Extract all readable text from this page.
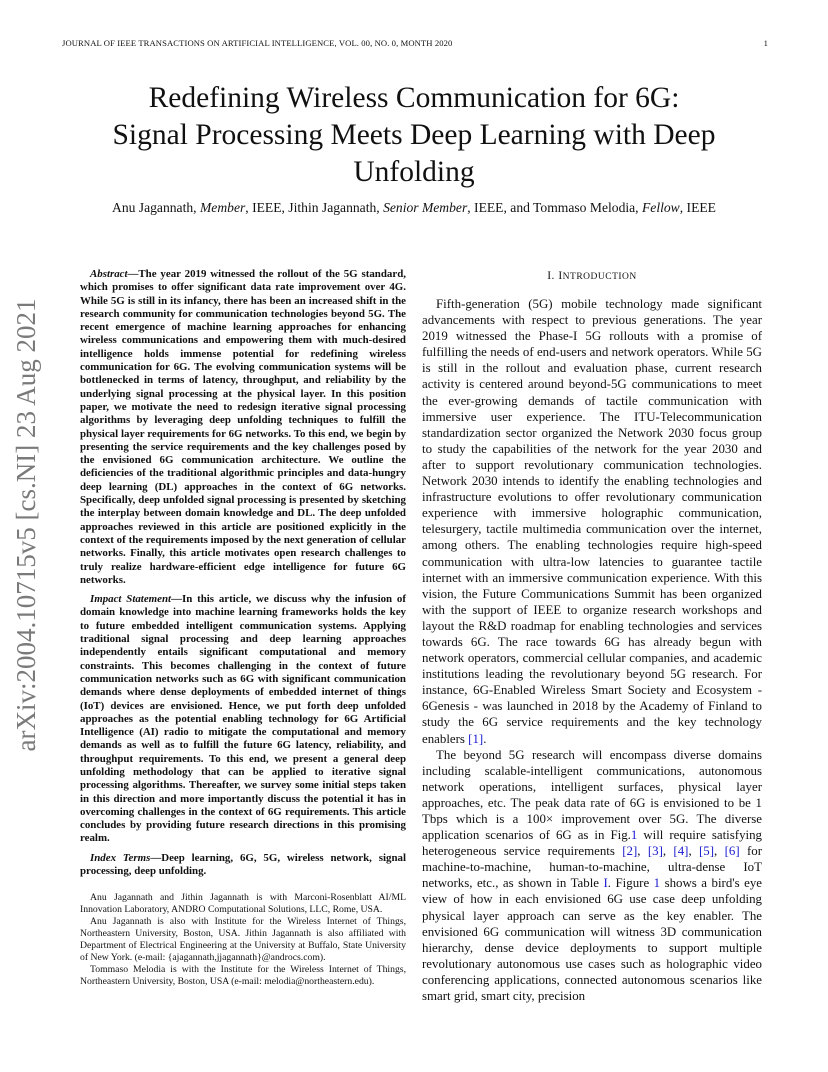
JOURNAL OF IEEE TRANSACTIONS ON ARTIFICIAL INTELLIGENCE, VOL. 00, NO. 0, MONTH 2020	1
Redefining Wireless Communication for 6G:
Signal Processing Meets Deep Learning with Deep
Unfolding
Anu Jagannath, Member, IEEE, Jithin Jagannath, Senior Member, IEEE, and Tommaso Melodia, Fellow, IEEE
arXiv:2004.10715v5 [cs.NI] 23 Aug 2021

Abstract—The year 2019 witnessed the rollout of the 5G standard, which promises to offer significant data rate improvement over 4G. While 5G is still in its infancy, there has been an increased shift in the research community for communication technologies beyond 5G. The recent emergence of machine learning approaches for enhancing wireless communications and empowering them with much-desired intelligence holds immense potential for redefining wireless communication for 6G. The evolving communication systems will be bottlenecked in terms of latency, throughput, and reliability by the underlying signal processing at the physical layer. In this position paper, we motivate the need to redesign iterative signal processing algorithms by leveraging deep unfolding techniques to fulfill the physical layer requirements for 6G networks. To this end, we begin by presenting the service requirements and the key challenges posed by the envisioned 6G communication architecture. We outline the deficiencies of the traditional algorithmic principles and data-hungry deep learning (DL) approaches in the context of 6G networks. Specifically, deep unfolded signal processing is presented by sketching the interplay between domain knowledge and DL. The deep unfolded approaches reviewed in this article are positioned explicitly in the context of the requirements imposed by the next generation of cellular networks. Finally, this article motivates open research challenges to truly realize hardware-efficient edge intelligence for future 6G networks.

Impact Statement—In this article, we discuss why the infusion of domain knowledge into machine learning frameworks holds the key to future embedded intelligent communication systems. Applying traditional signal processing and deep learning approaches independently entails significant computational and memory constraints. This becomes challenging in the context of future communication networks such as 6G with significant communication demands where dense deployments of embedded internet of things (IoT) devices are envisioned. Hence, we put forth deep unfolded approaches as the potential enabling technology for 6G Artificial Intelligence (AI) radio to mitigate the computational and memory demands as well as to fulfill the future 6G latency, reliability, and throughput requirements. To this end, we present a general deep unfolding methodology that can be applied to iterative signal processing algorithms. Thereafter, we survey some initial steps taken in this direction and more importantly discuss the potential it has in overcoming challenges in the context of 6G requirements. This article concludes by providing future research directions in this promising realm.

Index Terms—Deep learning, 6G, 5G, wireless network, signal processing, deep unfolding.

Anu Jagannath and Jithin Jagannath is with Marconi-Rosenblatt AI/ML Innovation Laboratory, ANDRO Computational Solutions, LLC, Rome, USA.

Anu Jagannath is also with Institute for the Wireless Internet of Things, Northeastern University, Boston, USA. Jithin Jagannath is also affiliated with Department of Electrical Engineering at the University at Buffalo, State University of New York. (e-mail: {ajagannath,jjagannath}@androcs.com).

Tommaso Melodia is with the Institute for the Wireless Internet of Things, Northeastern University, Boston, USA (e-mail: melodia@northeastern.edu).

I. INTRODUCTION

Fifth-generation (5G) mobile technology made significant advancements with respect to previous generations. The year 2019 witnessed the Phase-I 5G rollouts with a promise of fulfilling the needs of end-users and network operators. While 5G is still in the rollout and evaluation phase, current research activity is centered around beyond-5G communications to meet the ever-growing demands of tactile communication with immersive user experience. The ITU-Telecommunication standardization sector organized the Network 2030 focus group to study the capabilities of the network for the year 2030 and after to support revolutionary communication technologies. Network 2030 intends to identify the enabling technologies and infrastructure evolutions to offer revolutionary communication experience with immersive holographic communication, telesurgery, tactile multimedia communication over the internet, among others. The enabling technologies require high-speed communication with ultra-low latencies to guarantee tactile internet with an immersive communication experience. With this vision, the Future Communications Summit has been organized with the support of IEEE to organize research workshops and layout the R&D roadmap for enabling technologies and services towards 6G. The race towards 6G has already begun with network operators, commercial cellular companies, and academic institutions leading the revolutionary beyond 5G research. For instance, 6G-Enabled Wireless Smart Society and Ecosystem - 6Genesis - was launched in 2018 by the Academy of Finland to study the 6G service requirements and the key technology enablers [1].

The beyond 5G research will encompass diverse domains including scalable-intelligent communications, autonomous network operations, intelligent surfaces, physical layer approaches, etc. The peak data rate of 6G is envisioned to be 1 Tbps which is a 100× improvement over 5G. The diverse application scenarios of 6G as in Fig.1 will require satisfying heterogeneous service requirements [2], [3], [4], [5], [6] for machine-to-machine, human-to-machine, ultra-dense IoT networks, etc., as shown in Table I. Figure 1 shows a bird's eye view of how in each envisioned 6G use case deep unfolding physical layer approach can serve as the key enabler. The envisioned 6G communication will witness 3D communication hierarchy, dense device deployments to support multiple revolutionary autonomous use cases such as holographic video conferencing applications, connected autonomous scenarios like smart grid, smart city, precision
